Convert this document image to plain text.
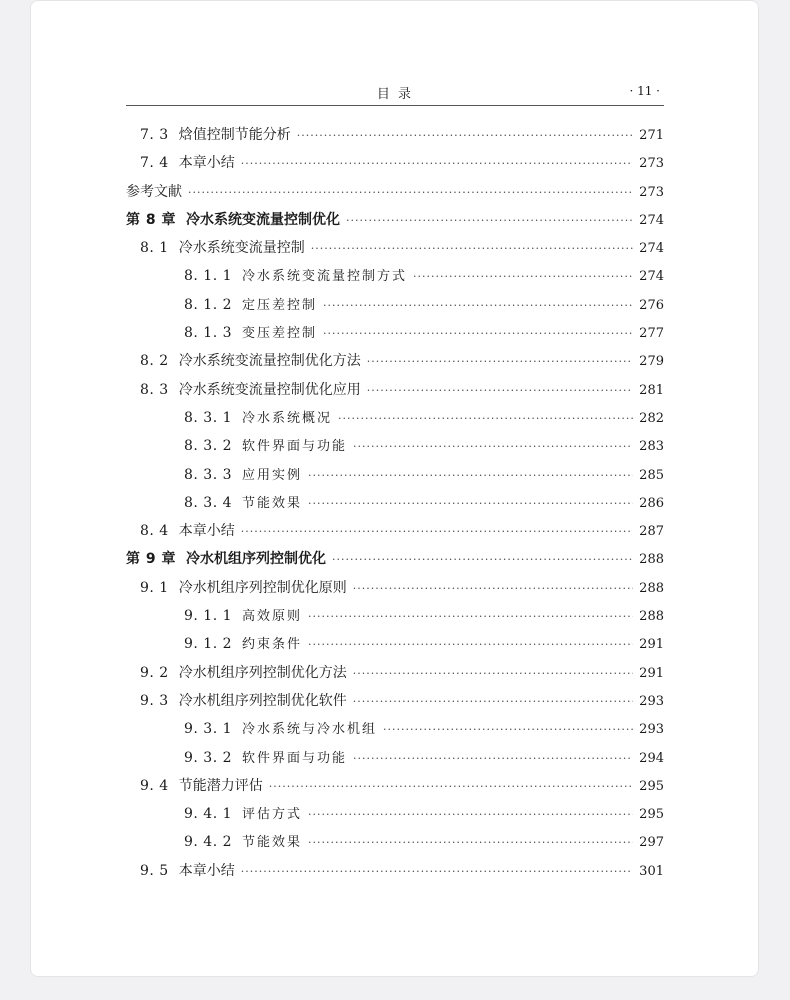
目 录	· 11 ·
7. 3 焓值控制节能分析 ·····	271
7. 4 本章小结 ·····	273
参考文献 ·····	273
第 8 章 冷水系统变流量控制优化 ·····	274
8. 1 冷水系统变流量控制 ·····	274
8. 1. 1 冷水系统变流量控制方式 ·····	274
8. 1. 2 定压差控制 ·····	276
8. 1. 3 变压差控制 ·····	277
8. 2 冷水系统变流量控制优化方法 ·····	279
8. 3 冷水系统变流量控制优化应用 ·····	281
8. 3. 1 冷水系统概况 ·····	282
8. 3. 2 软件界面与功能 ·····	283
8. 3. 3 应用实例 ·····	285
8. 3. 4 节能效果 ·····	286
8. 4 本章小结 ·····	287
第 9 章 冷水机组序列控制优化 ·····	288
9. 1 冷水机组序列控制优化原则 ·····	288
9. 1. 1 高效原则 ·····	288
9. 1. 2 约束条件 ·····	291
9. 2 冷水机组序列控制优化方法 ·····	291
9. 3 冷水机组序列控制优化软件 ·····	293
9. 3. 1 冷水系统与冷水机组 ·····	293
9. 3. 2 软件界面与功能 ·····	294
9. 4 节能潜力评估 ·····	295
9. 4. 1 评估方式 ·····	295
9. 4. 2 节能效果 ·····	297
9. 5 本章小结 ·····	301
